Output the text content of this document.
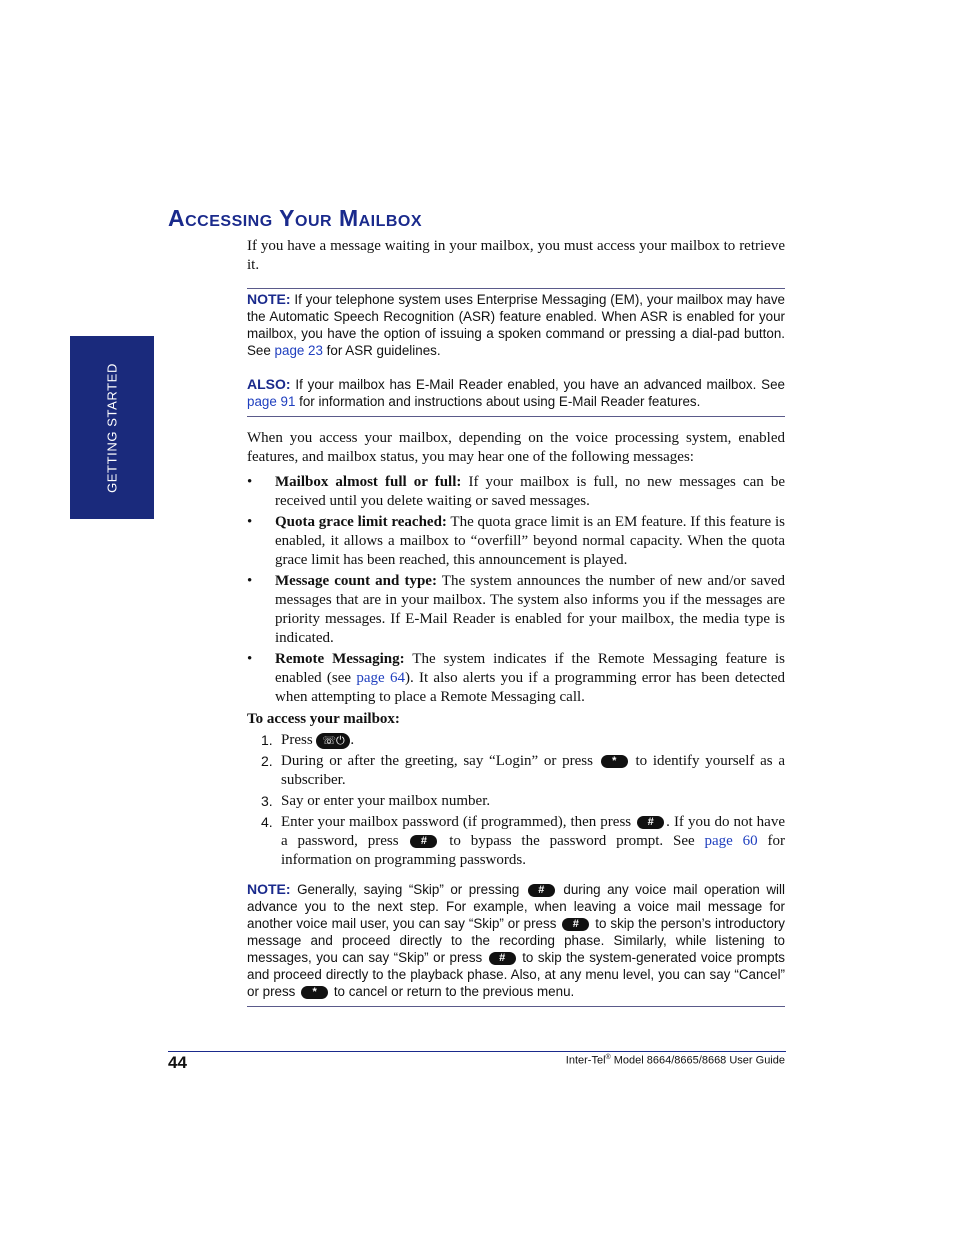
GETTING STARTED
Accessing Your Mailbox

If you have a message waiting in your mailbox, you must access your mailbox to retrieve it.

NOTE: If your telephone system uses Enterprise Messaging (EM), your mailbox may have the Automatic Speech Recognition (ASR) feature enabled. When ASR is enabled for your mailbox, you have the option of issuing a spoken command or pressing a dial-pad button. See page 23 for ASR guidelines.

ALSO: If your mailbox has E-Mail Reader enabled, you have an advanced mailbox. See page 91 for information and instructions about using E-Mail Reader features.

When you access your mailbox, depending on the voice processing system, enabled features, and mailbox status, you may hear one of the following messages:

• Mailbox almost full or full: If your mailbox is full, no new messages can be received until you delete waiting or saved messages.

• Quota grace limit reached: The quota grace limit is an EM feature. If this feature is enabled, it allows a mailbox to “overfill” beyond normal capacity. When the quota grace limit has been reached, this announcement is played.

• Message count and type: The system announces the number of new and/or saved messages that are in your mailbox. The system also informs you if the messages are priority messages. If E-Mail Reader is enabled for your mailbox, the media type is indicated.

• Remote Messaging: The system indicates if the Remote Messaging feature is enabled (see page 64). It also alerts you if a programming error has been detected when attempting to place a Remote Messaging call.

To access your mailbox:

1. Press ☏⏻ .

2. During or after the greeting, say “Login” or press * to identify yourself as a subscriber.

3. Say or enter your mailbox number.

4. Enter your mailbox password (if programmed), then press # . If you do not have a password, press # to bypass the password prompt. See page 60 for information on programming passwords.

NOTE: Generally, saying “Skip” or pressing # during any voice mail operation will advance you to the next step. For example, when leaving a voice mail message for another voice mail user, you can say “Skip” or press # to skip the person’s introductory message and proceed directly to the recording phase. Similarly, while listening to messages, you can say “Skip” or press # to skip the system-generated voice prompts and proceed directly to the playback phase. Also, at any menu level, you can say “Cancel” or press * to cancel or return to the previous menu.

44	Inter-Tel® Model 8664/8665/8668 User Guide
